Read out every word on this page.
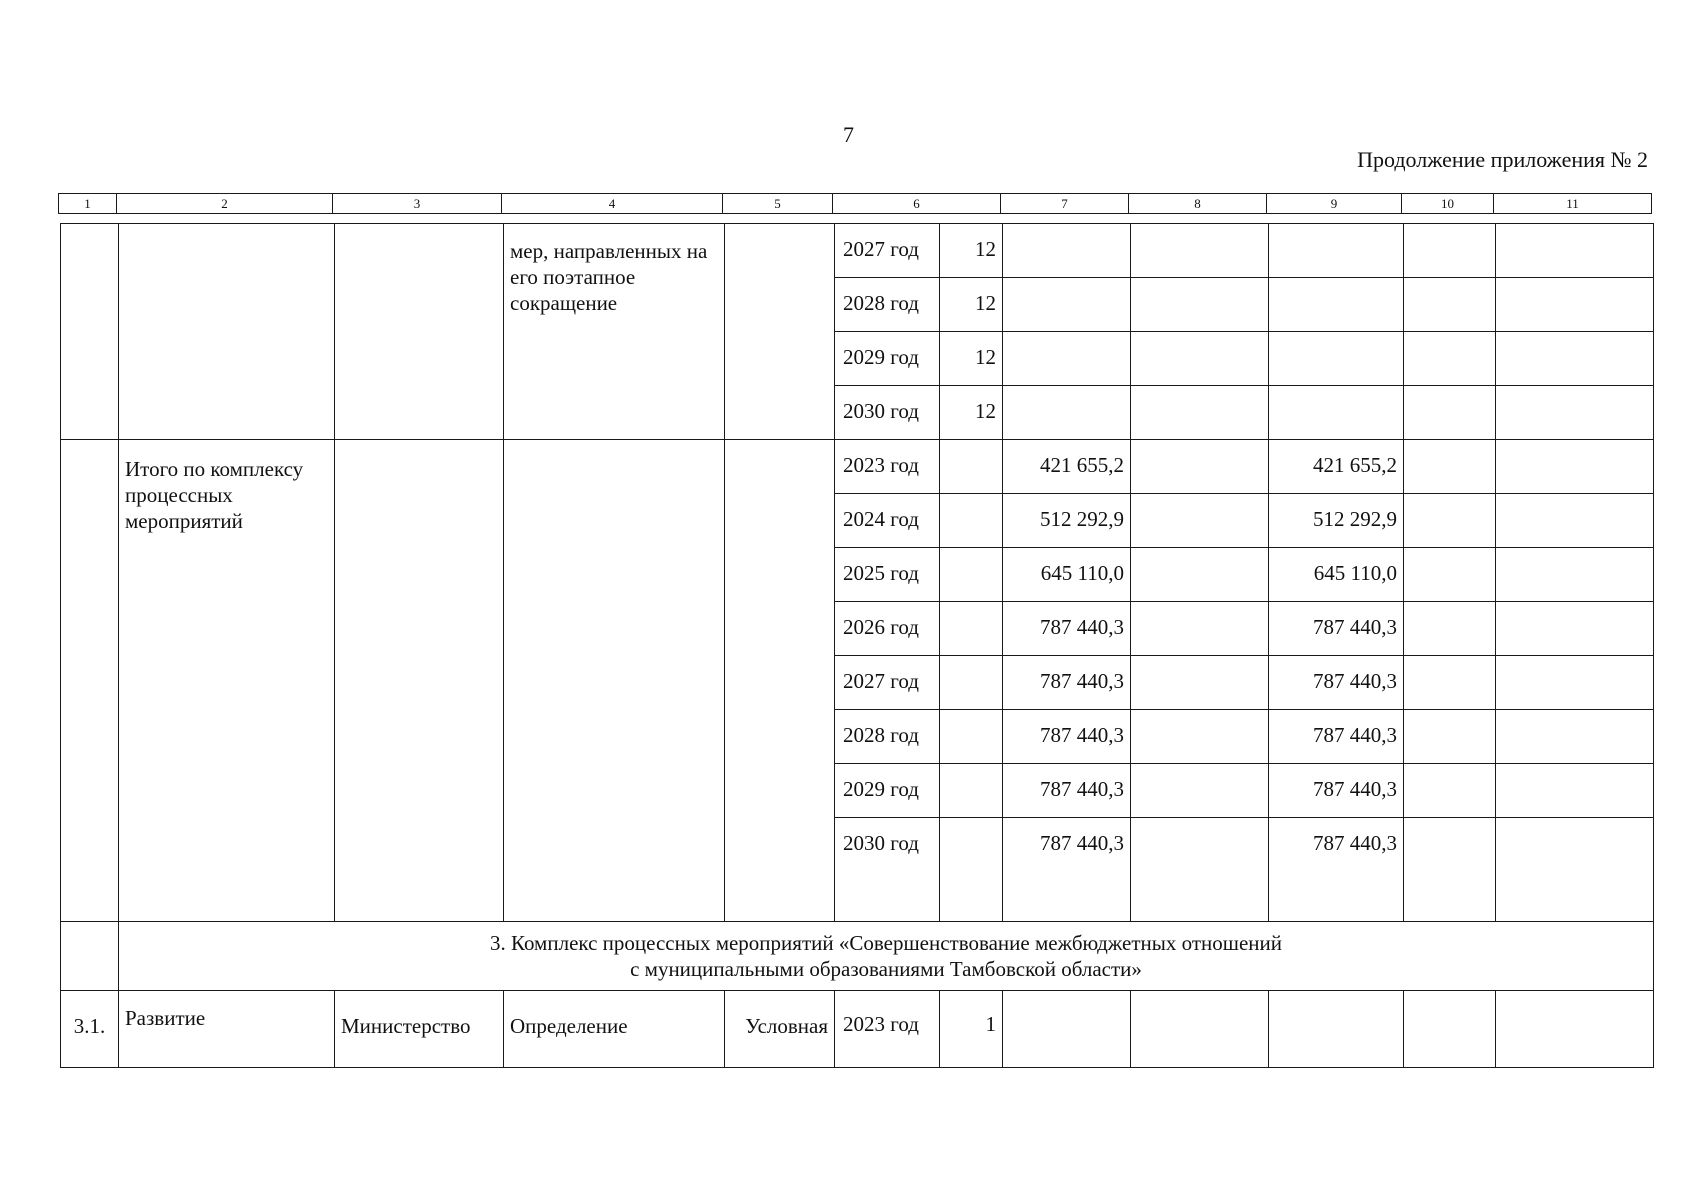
7
Продолжение приложения № 2
1	2	3	4	5	6	7	8	9	10	11
			мер, направленных на его поэтапное сокращение		2027 год	12					
					2028 год	12					
					2029 год	12					
					2030 год	12					
	Итого по комплексу процессных мероприятий				2023 год		421 655,2		421 655,2		
					2024 год		512 292,9		512 292,9		
					2025 год		645 110,0		645 110,0		
					2026 год		787 440,3		787 440,3		
					2027 год		787 440,3		787 440,3		
					2028 год		787 440,3		787 440,3		
					2029 год		787 440,3		787 440,3		
					2030 год		787 440,3		787 440,3		

	3. Комплекс процессных мероприятий «Совершенствование межбюджетных отношений
с муниципальными образованиями Тамбовской области»										

3.1.	Развитие	Министерство	Определение	Условная	2023 год	1					
